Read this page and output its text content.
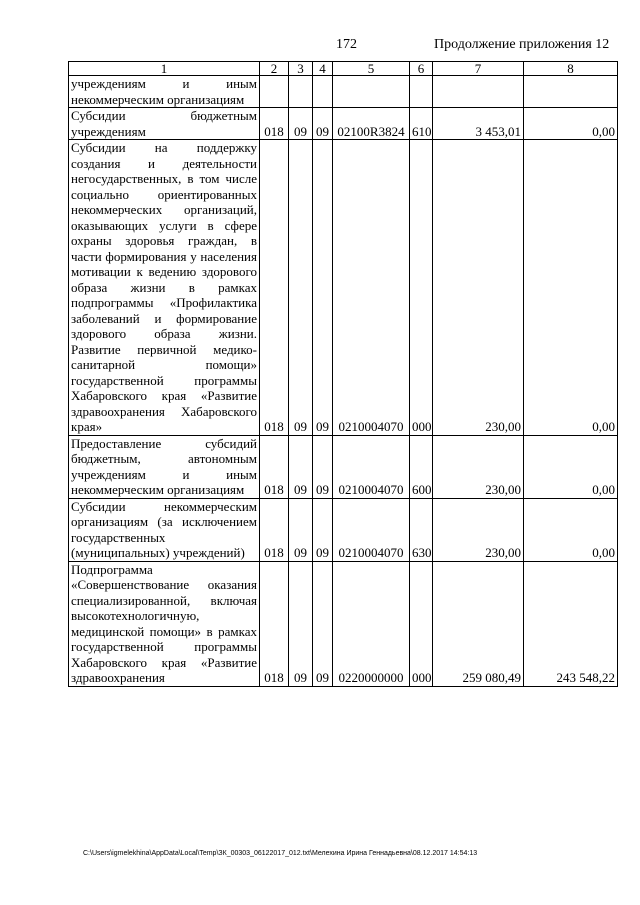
172	Продолжение приложения 12
1	2	3	4	5	6	7	8
учреждениям и иным некоммерческим организациям							
Субсидии бюджетным учреждениям	018	09	09	02100R3824	610	3 453,01	0,00
Субсидии на поддержку создания и деятельности негосударственных, в том числе социально ориентированных некоммерческих организаций, оказывающих услуги в сфере охраны здоровья граждан, в части формирования у населения мотивации к ведению здорового образа жизни в рамках подпрограммы «Профилактика заболеваний и формирование здорового образа жизни. Развитие первичной медико-санитарной помощи» государственной программы Хабаровского края «Развитие здравоохранения Хабаровского края»	018	09	09	0210004070	000	230,00	0,00
Предоставление субсидий бюджетным, автономным учреждениям и иным некоммерческим организациям	018	09	09	0210004070	600	230,00	0,00
Субсидии некоммерческим организациям (за исключением государственных (муниципальных) учреждений)	018	09	09	0210004070	630	230,00	0,00
Подпрограмма «Совершенствование оказания специализированной, включая высокотехнологичную, медицинской помощи» в рамках государственной программы Хабаровского края «Развитие здравоохранения	018	09	09	0220000000	000	259 080,49	243 548,22
C:\Users\igmelekhina\AppData\Local\Temp\ЗК_00303_06122017_012.txt\Мелехина Ирина Геннадьевна\08.12.2017 14:54:13
